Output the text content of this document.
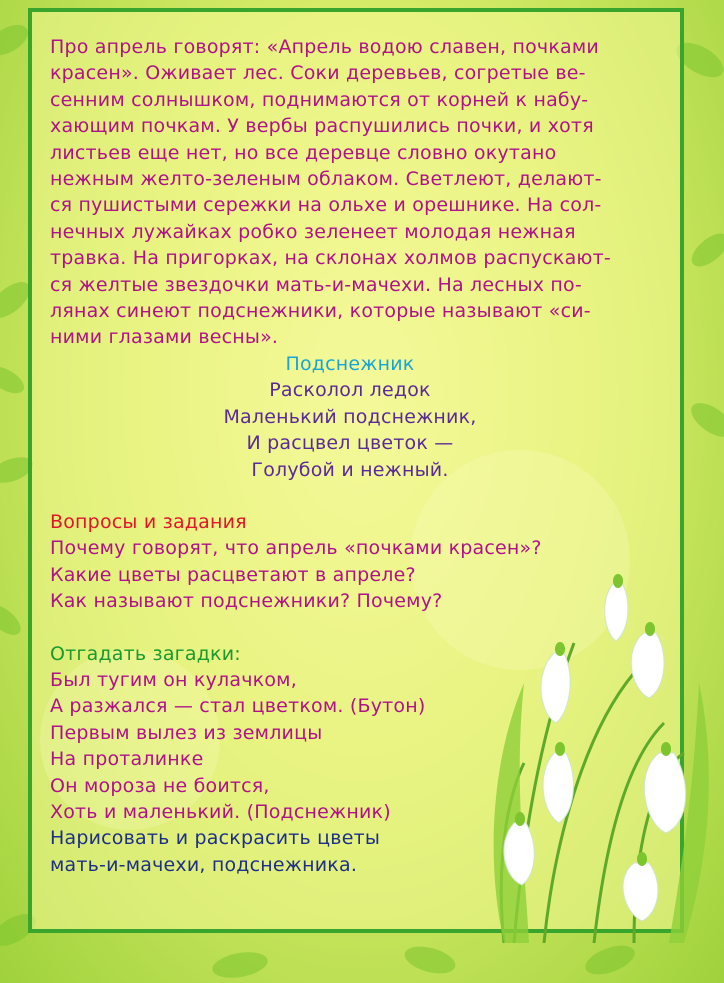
Про апрель говорят: «Апрель водою славен, почками
красен». Оживает лес. Соки деревьев, согретые ве-
сенним солнышком, поднимаются от корней к набу-
хающим почкам. У вербы распушились почки, и хотя
листьев еще нет, но все деревце словно окутано
нежным желто-зеленым облаком. Светлеют, делают-
ся пушистыми сережки на ольхе и орешнике. На сол-
нечных лужайках робко зеленеет молодая нежная
травка. На пригорках, на склонах холмов распускают-
ся желтые звездочки мать-и-мачехи. На лесных по-
лянах синеют подснежники, которые называют «си-
ними глазами весны».
Подснежник
Расколол ледок
Маленький подснежник,
И расцвел цветок —
Голубой и нежный.
Вопросы и задания
Почему говорят, что апрель «почками красен»?
Какие цветы расцветают в апреле?
Как называют подснежники? Почему?
Отгадать загадки:
Был тугим он кулачком,
А разжался — стал цветком. (Бутон)
Первым вылез из землицы
На проталинке
Он мороза не боится,
Хоть и маленький. (Подснежник)
Нарисовать и раскрасить цветы
мать-и-мачехи, подснежника.
